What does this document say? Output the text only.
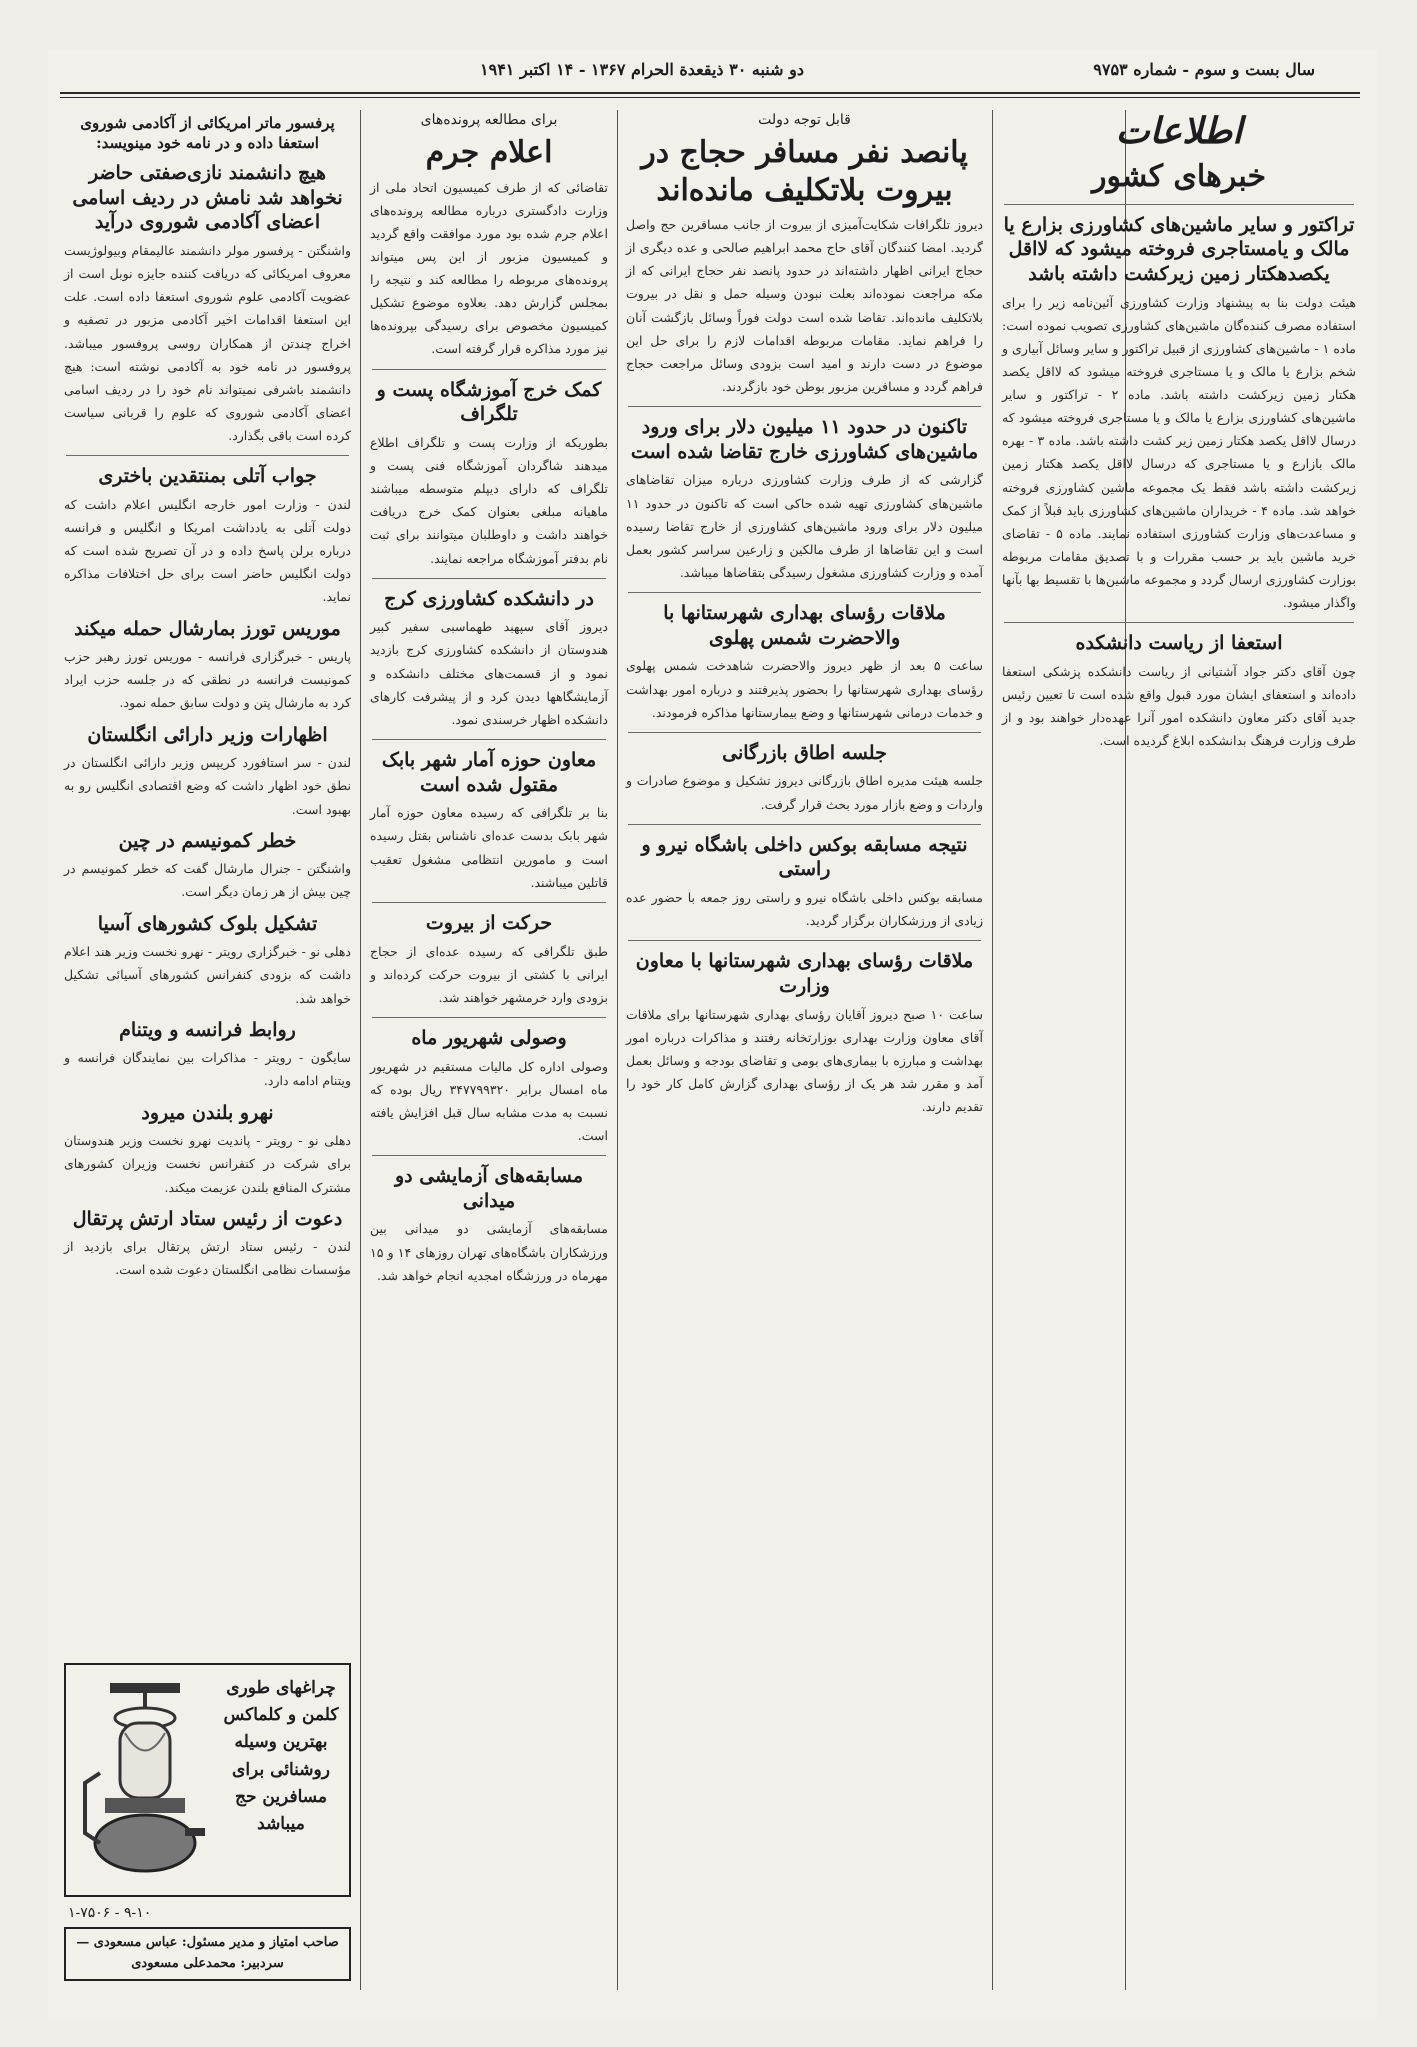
سال بست و سوم - شماره ۹۷۵۳
دو شنبه ۳۰ ذیقعدة الحرام ۱۳۶۷ - ۱۴ اکتبر ۱۹۴۱
اطلاعات
خبرهای کشور
تراکتور و سایر ماشین‌های کشاورزی بزارع یا مالک و یامستاجری فروخته میشود که لااقل یکصدهکتار زمین زیرکشت داشته باشد
هیئت دولت بنا به پیشنهاد وزارت کشاورزی آئین‌نامه زیر را برای استفاده مصرف کننده‌گان ماشین‌های کشاورزی تصویب نموده است: ماده ۱ - ماشین‌های کشاورزی از قبیل تراکتور و سایر وسائل آبیاری و شخم بزارع یا مالک و یا مستاجری فروخته میشود که لااقل یکصد هکتار زمین زیرکشت داشته باشد. ماده ۲ - تراکتور و سایر ماشین‌های کشاورزی بزارع یا مالک و یا مستاجری فروخته میشود که درسال لااقل یکصد هکتار زمین زیر کشت داشته باشد. ماده ۳ - بهره مالک بازارع و یا مستاجری که درسال لااقل یکصد هکتار زمین زیرکشت داشته باشد فقط یک مجموعه ماشین کشاورزی فروخته خواهد شد. ماده ۴ - خریداران ماشین‌های کشاورزی باید قبلاً از کمک و مساعدت‌های وزارت کشاورزی استفاده نمایند. ماده ۵ - تقاضای خرید ماشین باید بر حسب مقررات و با تصدیق مقامات مربوطه بوزارت کشاورزی ارسال گردد و مجموعه ماشین‌ها با تقسیط بها بآنها واگذار میشود.
استعفا از ریاست دانشکده
چون آقای دکتر جواد آشتیانی از ریاست دانشکده پزشکی استعفا داده‌اند و استعفای ایشان مورد قبول واقع شده است تا تعیین رئیس جدید آقای دکتر معاون دانشکده امور آنرا عهده‌دار خواهند بود و از طرف وزارت فرهنگ بدانشکده ابلاغ گردیده است.
قابل توجه دولت
پانصد نفر مسافر حجاج در بیروت بلاتکلیف مانده‌اند
دیروز تلگرافات شکایت‌آمیزی از بیروت از جانب مسافرین حج واصل گردید. امضا کنندگان آقای حاج محمد ابراهیم صالحی و عده دیگری از حجاج ایرانی اظهار داشته‌اند در حدود پانصد نفر حجاج ایرانی که از مکه مراجعت نموده‌اند بعلت نبودن وسیله حمل و نقل در بیروت بلاتکلیف مانده‌اند. تقاضا شده است دولت فوراً وسائل بازگشت آنان را فراهم نماید. مقامات مربوطه اقدامات لازم را برای حل این موضوع در دست دارند و امید است بزودی وسائل مراجعت حجاج فراهم گردد و مسافرین مزبور بوطن خود بازگردند.
تاکنون در حدود ۱۱ میلیون دلار برای ورود ماشین‌های کشاورزی خارج تقاضا شده است
گزارشی که از طرف وزارت کشاورزی درباره میزان تقاضاهای ماشین‌های کشاورزی تهیه شده حاکی است که تاکنون در حدود ۱۱ میلیون دلار برای ورود ماشین‌های کشاورزی از خارج تقاضا رسیده است و این تقاضاها از طرف مالکین و زارعین سراسر کشور بعمل آمده و وزارت کشاورزی مشغول رسیدگی بتقاضاها میباشد.
ملاقات رؤسای بهداری شهرستانها با والاحضرت شمس پهلوی
ساعت ۵ بعد از ظهر دیروز والاحضرت شاهدخت شمس پهلوی رؤسای بهداری شهرستانها را بحضور پذیرفتند و درباره امور بهداشت و خدمات درمانی شهرستانها و وضع بیمارستانها مذاکره فرمودند.
جلسه اطاق بازرگانی
جلسه هیئت مدیره اطاق بازرگانی دیروز تشکیل و موضوع صادرات و واردات و وضع بازار مورد بحث قرار گرفت.
نتیجه مسابقه بوکس داخلی باشگاه نیرو و راستی
مسابقه بوکس داخلی باشگاه نیرو و راستی روز جمعه با حضور عده زیادی از ورزشکاران برگزار گردید.
ملاقات رؤسای بهداری شهرستانها با معاون وزارت
ساعت ۱۰ صبح دیروز آقایان رؤسای بهداری شهرستانها برای ملاقات آقای معاون وزارت بهداری بوزارتخانه رفتند و مذاکرات درباره امور بهداشت و مبارزه با بیماری‌های بومی و تقاضای بودجه و وسائل بعمل آمد و مقرر شد هر یک از رؤسای بهداری گزارش کامل کار خود را تقدیم دارند.
برای مطالعه پرونده‌های
اعلام جرم
تقاضائی که از طرف کمیسیون اتحاد ملی از وزارت دادگستری درباره مطالعه پرونده‌های اعلام جرم شده بود مورد موافقت واقع گردید و کمیسیون مزبور از این پس میتواند پرونده‌های مربوطه را مطالعه کند و نتیجه را بمجلس گزارش دهد. بعلاوه موضوع تشکیل کمیسیون مخصوص برای رسیدگی بپرونده‌ها نیز مورد مذاکره قرار گرفته است.
کمک خرج آموزشگاه پست و تلگراف
بطوریکه از وزارت پست و تلگراف اطلاع میدهند شاگردان آموزشگاه فنی پست و تلگراف که دارای دیپلم متوسطه میباشند ماهیانه مبلغی بعنوان کمک خرج دریافت خواهند داشت و داوطلبان میتوانند برای ثبت نام بدفتر آموزشگاه مراجعه نمایند.
در دانشکده کشاورزی کرج
دیروز آقای سپهبد طهماسبی سفیر کبیر هندوستان از دانشکده کشاورزی کرج بازدید نمود و از قسمت‌های مختلف دانشکده و آزمایشگاهها دیدن کرد و از پیشرفت کارهای دانشکده اظهار خرسندی نمود.
معاون حوزه آمار شهر بابک مقتول شده است
بنا بر تلگرافی که رسیده معاون حوزه آمار شهر بابک بدست عده‌ای ناشناس بقتل رسیده است و مامورین انتظامی مشغول تعقیب قاتلین میباشند.
حرکت از بیروت
طبق تلگرافی که رسیده عده‌ای از حجاج ایرانی با کشتی از بیروت حرکت کرده‌اند و بزودی وارد خرمشهر خواهند شد.
وصولی شهریور ماه
وصولی اداره کل مالیات مستقیم در شهریور ماه امسال برابر ۳۴۷۷۹۹۳۲۰ ریال بوده که نسبت به مدت مشابه سال قبل افزایش یافته است.
مسابقه‌های آزمایشی دو میدانی
مسابقه‌های آزمایشی دو میدانی بین ورزشکاران باشگاه‌های تهران روزهای ۱۴ و ۱۵ مهرماه در ورزشگاه امجدیه انجام خواهد شد.
پرفسور ماتر امریکائی از آکادمی شوروی استعفا داده و در نامه خود مینویسد:
هیچ دانشمند نازی‌صفتی حاضر نخواهد شد نامش در ردیف اسامی اعضای آکادمی شوروی درآید
واشنگتن - پرفسور مولر دانشمند عالیمقام وبیولوژیست معروف امریکائی که دریافت کننده جایزه نوبل است از عضویت آکادمی علوم شوروی استعفا داده است. علت این استعفا اقدامات اخیر آکادمی مزبور در تصفیه و اخراج چندتن از همکاران روسی پروفسور میباشد. پروفسور در نامه خود به آکادمی نوشته است: هیچ دانشمند باشرفی نمیتواند نام خود را در ردیف اسامی اعضای آکادمی شوروی که علوم را قربانی سیاست کرده است باقی بگذارد.
جواب آتلی بمنتقدین باختری
لندن - وزارت امور خارجه انگلیس اعلام داشت که دولت آتلی به یادداشت امریکا و انگلیس و فرانسه درباره برلن پاسخ داده و در آن تصریح شده است که دولت انگلیس حاضر است برای حل اختلافات مذاکره نماید.
موریس تورز بمارشال حمله میکند
پاریس - خبرگزاری فرانسه - موریس تورز رهبر حزب کمونیست فرانسه در نطقی که در جلسه حزب ایراد کرد به مارشال پتن و دولت سابق حمله نمود.
اظهارات وزیر دارائی انگلستان
لندن - سر استافورد کریپس وزیر دارائی انگلستان در نطق خود اظهار داشت که وضع اقتصادی انگلیس رو به بهبود است.
خطر کمونیسم در چین
واشنگتن - جنرال مارشال گفت که خطر کمونیسم در چین بیش از هر زمان دیگر است.
تشکیل بلوک کشورهای آسیا
دهلی نو - خبرگزاری رویتر - نهرو نخست وزیر هند اعلام داشت که بزودی کنفرانس کشورهای آسیائی تشکیل خواهد شد.
روابط فرانسه و ویتنام
سایگون - رویتر - مذاکرات بین نمایندگان فرانسه و ویتنام ادامه دارد.
نهرو بلندن میرود
دهلی نو - رویتر - پاندیت نهرو نخست وزیر هندوستان برای شرکت در کنفرانس نخست وزیران کشورهای مشترک المنافع بلندن عزیمت میکند.
دعوت از رئیس ستاد ارتش پرتقال
لندن - رئیس ستاد ارتش پرتقال برای بازدید از مؤسسات نظامی انگلستان دعوت شده است.
چراغهای طوری کلمن و کلماکس بهترین وسیله روشنائی برای مسافرین حج میباشد
۱-۷۵۰۶ - ۹-۱۰
صاحب امتیاز و مدیر مسئول: عباس مسعودی — سردبیر: محمدعلی مسعودی
